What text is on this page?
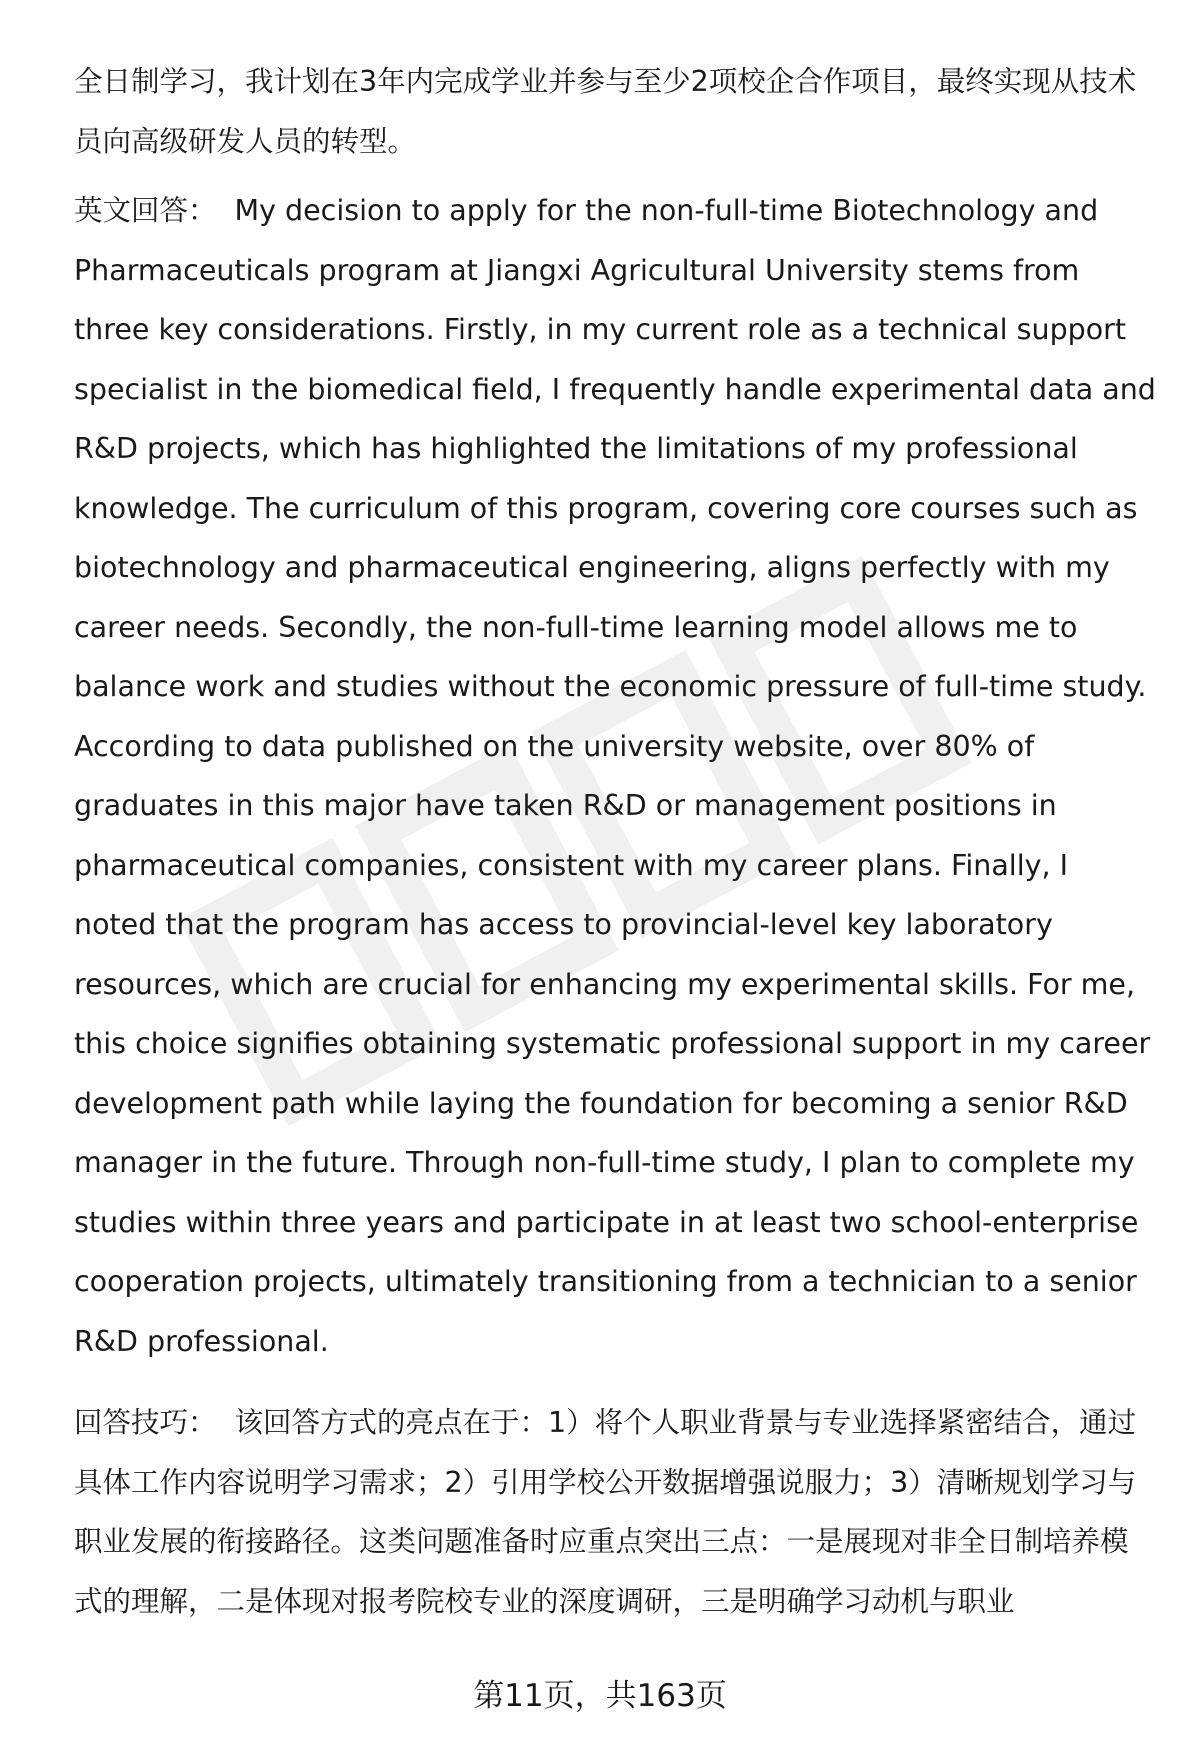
全日制学习，我计划在3年内完成学业并参与至少2项校企合作项目，最终实现从技术员向高级研发人员的转型。

英文回答： My decision to apply for the non-full-time Biotechnology and Pharmaceuticals program at Jiangxi Agricultural University stems from three key considerations. Firstly, in my current role as a technical support specialist in the biomedical field, I frequently handle experimental data and R&D projects, which has highlighted the limitations of my professional knowledge. The curriculum of this program, covering core courses such as biotechnology and pharmaceutical engineering, aligns perfectly with my career needs. Secondly, the non-full-time learning model allows me to balance work and studies without the economic pressure of full-time study. According to data published on the university website, over 80% of graduates in this major have taken R&D or management positions in pharmaceutical companies, consistent with my career plans. Finally, I noted that the program has access to provincial-level key laboratory resources, which are crucial for enhancing my experimental skills. For me, this choice signifies obtaining systematic professional support in my career development path while laying the foundation for becoming a senior R&D manager in the future. Through non-full-time study, I plan to complete my studies within three years and participate in at least two school-enterprise cooperation projects, ultimately transitioning from a technician to a senior R&D professional.

回答技巧： 该回答方式的亮点在于：1）将个人职业背景与专业选择紧密结合，通过具体工作内容说明学习需求；2）引用学校公开数据增强说服力；3）清晰规划学习与职业发展的衔接路径。这类问题准备时应重点突出三点：一是展现对非全日制培养模式的理解，二是体现对报考院校专业的深度调研，三是明确学习动机与职业

第11页，共163页
